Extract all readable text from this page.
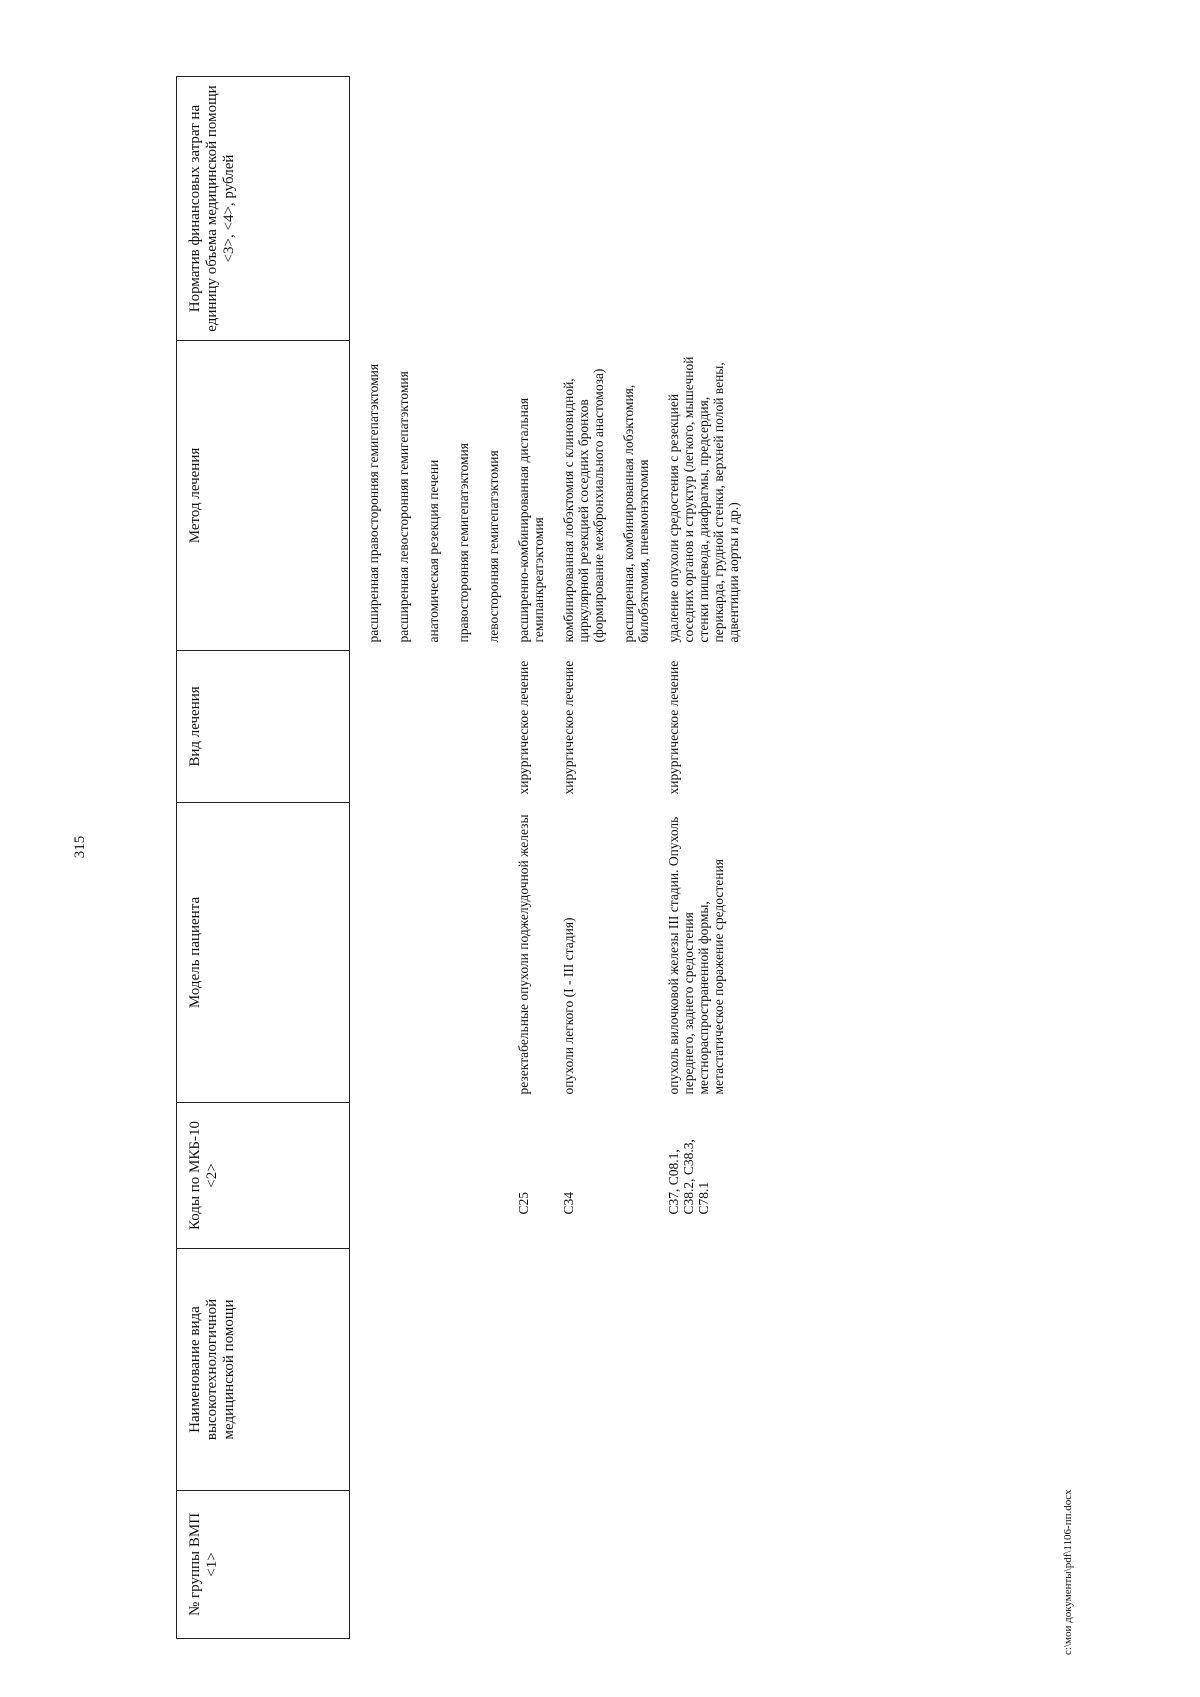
315
№ группы ВМП <1>	Наименование вида высокотехнологичной медицинской помощи	Коды по МКБ-10 <2>	Модель пациента	Вид лечения	Метод лечения	Норматив финансовых затрат на единицу объема медицинской помощи <3>, <4>, рублей

					расширенная правосторонняя гемигепатэктомия расширенная левосторонняя гемигепатэктомия анатомическая резекция печени правосторонняя гемигепатэктомия левосторонняя гемигепатэктомия	

		C25	резектабельные опухоли поджелудочной железы	хирургическое лечение	расширенно-комбинированная дистальная гемипанкреатэктомия	

		C34	опухоли легкого (I - III стадия)	хирургическое лечение	комбинированная лобэктомия с клиновидной, циркулярной резекцией соседних бронхов (формирование межбронхиального анастомоза) расширенная, комбинированная лобэктомия, билобэктомия, пневмонэктомия	

		C37, C08.1, C38.2, C38.3, C78.1	опухоль вилочковой железы III стадии. Опухоль переднего, заднего средостения местнораспространенной формы, метастатическое поражение средостения	хирургическое лечение	удаление опухоли средостения с резекцией соседних органов и структур (легкого, мышечной стенки пищевода, диафрагмы, предсердия, перикарда, грудной стенки, верхней полой вены, адвентиции аорты и др.)	

c:\мои документы\pdf\1106-пп.docx
